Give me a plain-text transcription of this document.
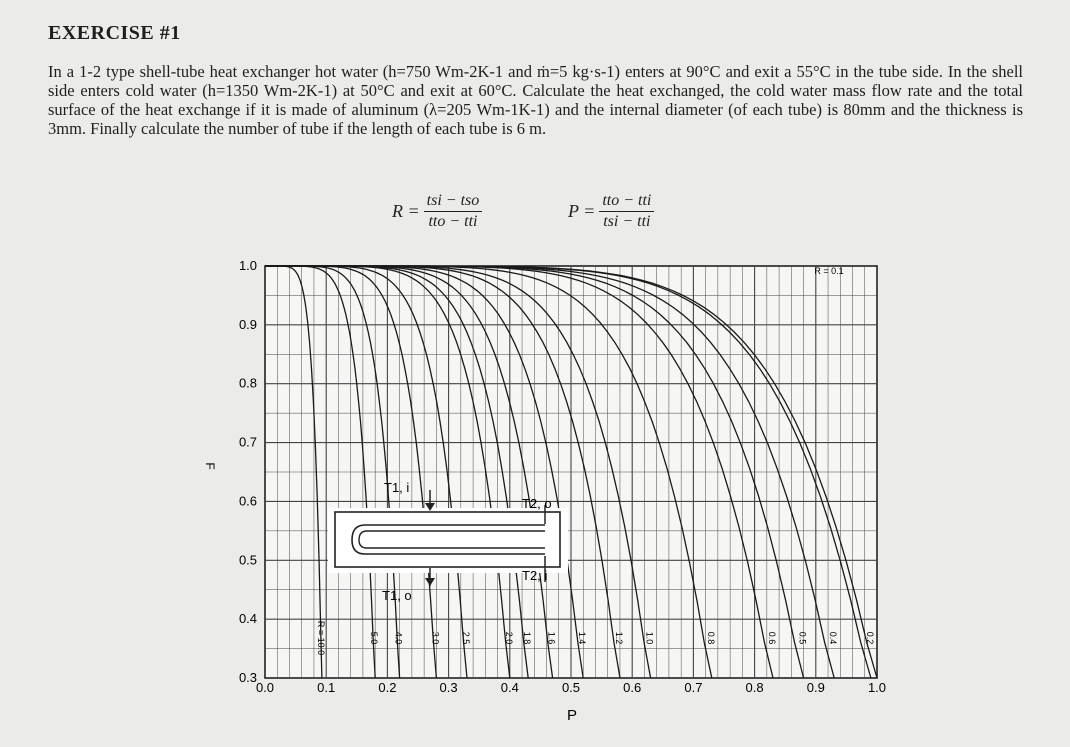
EXERCISE #1

In a 1-2 type shell-tube heat exchanger hot water (h=750 Wm-2K-1 and ṁ=5 kg·s-1) enters at 90°C and exit a 55°C in the tube side. In the shell side enters cold water (h=1350 Wm-2K-1) at 50°C and exit at 60°C. Calculate the heat exchanged, the cold water mass flow rate and the total surface of the heat exchange if it is made of aluminum (λ=205 Wm-1K-1) and the internal diameter (of each tube) is 80mm and the thickness is 3mm. Finally calculate the number of tube if the length of each tube is 6 m.

$R = \frac{\text{tsi − tso}}{\text{tto − tti}}$	$P = \frac{\text{tto − tti}}{\text{tsi − tti}}$
R = 10.0	5.0 4.0	3.0 2.5	2.0 1.8 1.6 1.4	1.2 1.0	0.8	0.6 0.5 0.4	0.2
R = 0.1
0.0	0.1	0.2	0.3	0.4	0.5	0.6	0.7	0.8	0.9	1.0
0.3
0.4
0.5
0.6
0.7
0.8
0.9
1.0
P
F
T1, i
T1, o
T2, o
T2, i
